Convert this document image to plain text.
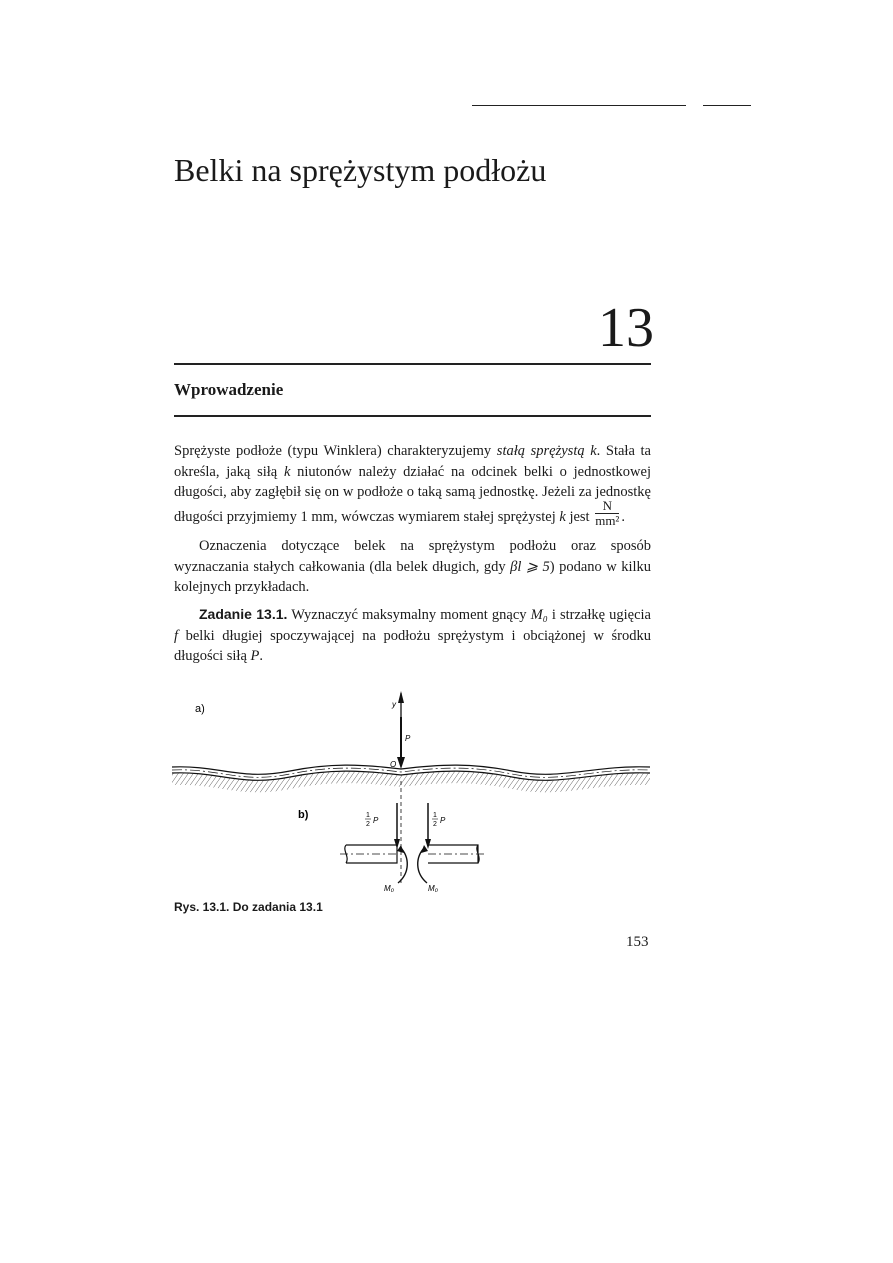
Belki na sprężystym podłożu
13
Wprowadzenie
Sprężyste podłoże (typu Winklera) charakteryzujemy stałą sprężystą k. Stała ta określa, jaką siłą k niutonów należy działać na odcinek belki o jednostkowej długości, aby zagłębił się on w podłoże o taką samą jednostkę. Jeżeli za jednostkę długości przyjmiemy 1 mm, wówczas wymiarem stałej sprężystej k jest $\frac{N}{\text{mm²}}$ .
Oznaczenia dotyczące belek na sprężystym podłożu oraz sposób wyznaczania stałych całkowania (dla belek długich, gdy βl ⩾ 5) podano w kilku kolejnych przykładach.
Zadanie 13.1. Wyznaczyć maksymalny moment gnący M₀ i strzałkę ugięcia f belki długiej spoczywającej na podłożu sprężystym i obciążonej w środku długości siłą P.
a)	y
P
O
b)	1
2 P
1
2 P
M₀	M₀
Rys. 13.1. Do zadania 13.1
153
